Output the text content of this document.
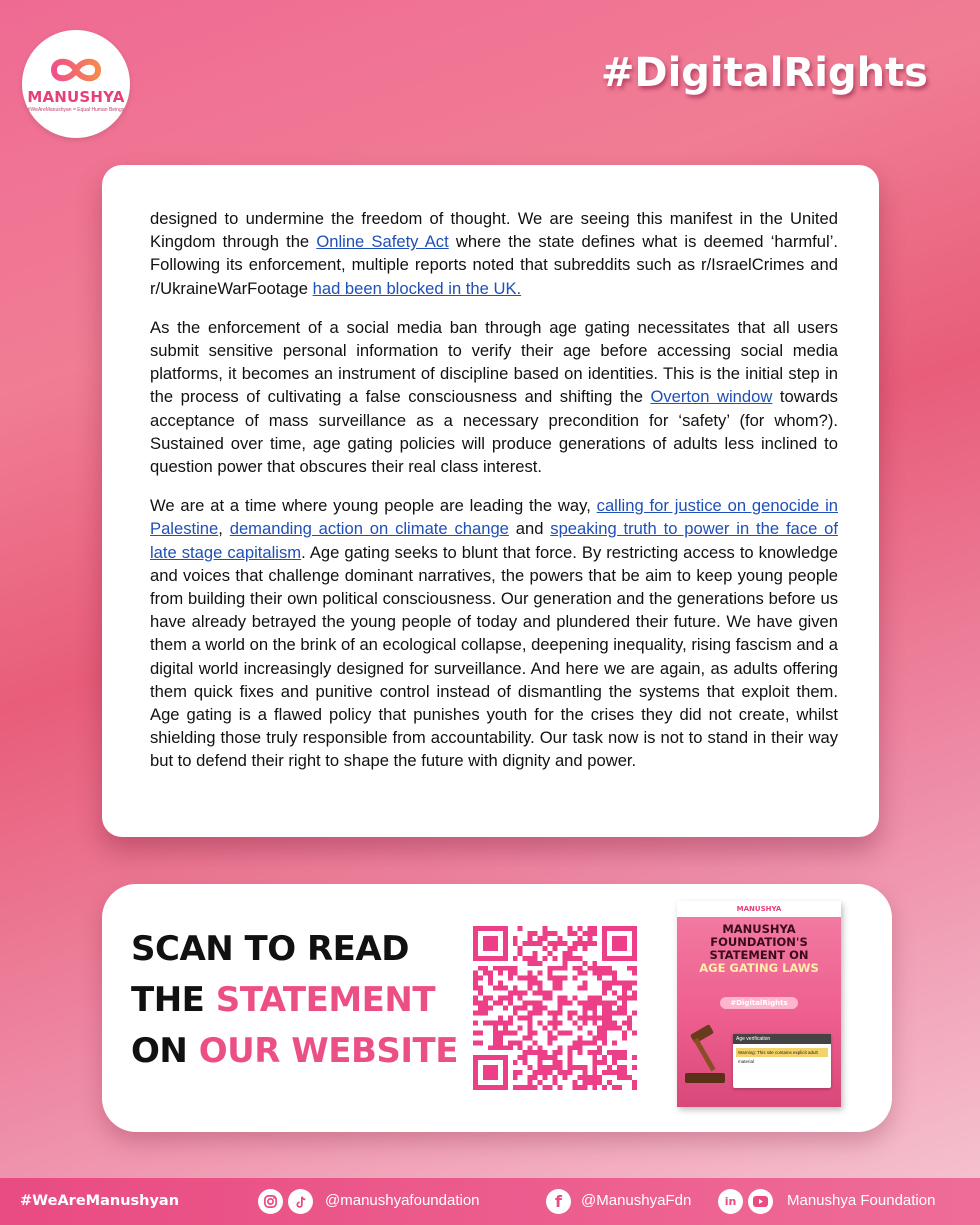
MANUSHYA
#WeAreManushyan = Equal Human Beings
#DigitalRights

designed to undermine the freedom of thought. We are seeing this manifest in the United Kingdom through the Online Safety Act where the state defines what is deemed ‘harmful’. Following its enforcement, multiple reports noted that subreddits such as r/IsraelCrimes and r/UkraineWarFootage had been blocked in the UK.

As the enforcement of a social media ban through age gating necessitates that all users submit sensitive personal information to verify their age before accessing social media platforms, it becomes an instrument of discipline based on identities. This is the initial step in the process of cultivating a false consciousness and shifting the Overton window towards acceptance of mass surveillance as a necessary precondition for ‘safety’ (for whom?). Sustained over time, age gating policies will produce generations of adults less inclined to question power that obscures their real class interest.

We are at a time where young people are leading the way, calling for justice on genocide in Palestine, demanding action on climate change and speaking truth to power in the face of late stage capitalism. Age gating seeks to blunt that force. By restricting access to knowledge and voices that challenge dominant narratives, the powers that be aim to keep young people from building their own political consciousness. Our generation and the generations before us have already betrayed the young people of today and plundered their future. We have given them a world on the brink of an ecological collapse, deepening inequality, rising fascism and a digital world increasingly designed for surveillance. And here we are again, as adults offering them quick fixes and punitive control instead of dismantling the systems that exploit them. Age gating is a flawed policy that punishes youth for the crises they did not create, whilst shielding those truly responsible from accountability. Our task now is not to stand in their way but to defend their right to shape the future with dignity and power.

SCAN TO READ
THE STATEMENT
ON OUR WEBSITE
MANUSHYA
MANUSHYA
FOUNDATION'S
STATEMENT ON
AGE GATING LAWS
#DigitalRights
Age verification
Warning: This site contains explicit adult material
#WeAreManushyan	@manushyafoundation	f	@ManushyaFdn	in	Manushya Foundation
